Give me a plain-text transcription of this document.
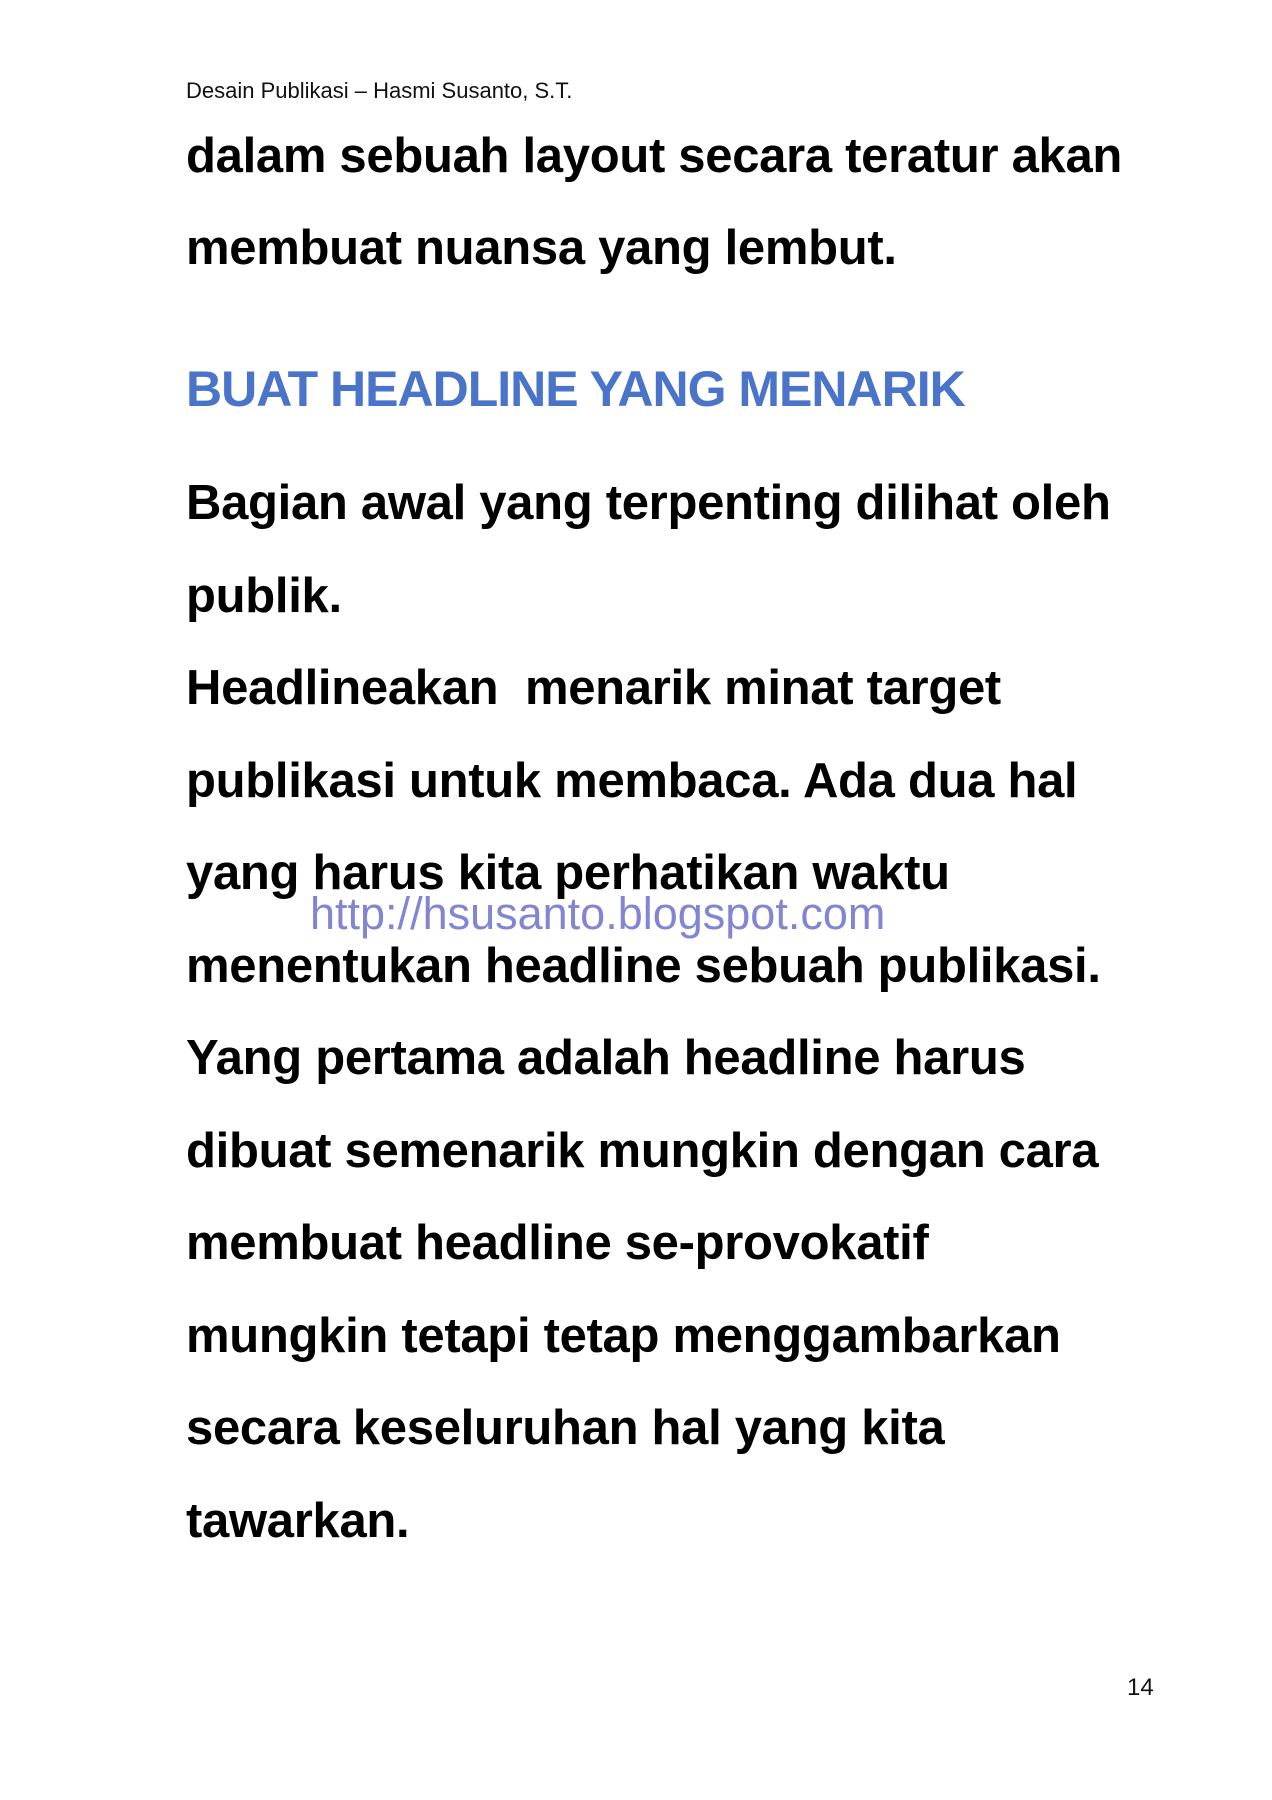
Desain Publikasi – Hasmi Susanto, S.T.
dalam sebuah layout secara teratur akan
membuat nuansa yang lembut.
BUAT HEADLINE YANG MENARIK
Bagian awal yang terpenting dilihat oleh
publik.
Headlineakan  menarik minat target
publikasi untuk membaca. Ada dua hal
yang harus kita perhatikan waktu
menentukan headline sebuah publikasi.
Yang pertama adalah headline harus
dibuat semenarik mungkin dengan cara
membuat headline se-provokatif
mungkin tetapi tetap menggambarkan
secara keseluruhan hal yang kita
tawarkan.
http://hsusanto.blogspot.com
14
